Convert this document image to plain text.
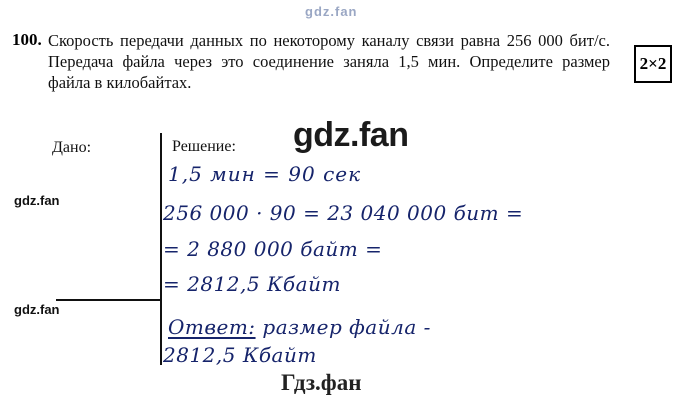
gdz.fan
100. Скорость передачи данных по некоторому каналу связи равна 256 000 бит/с. Передача файла через это соединение заняла 1,5 мин. Определите размер файла в килобайтах.
2×2
Дано:	Решение:
gdz.fan
gdz.fan
gdz.fan
1,5 мин = 90 сек
256 000 · 90 = 23 040 000 бит =
= 2 880 000 байт =
= 2812,5 Кбайт
Ответ: размер файла -
2812,5 Кбайт
Гдз.фан
